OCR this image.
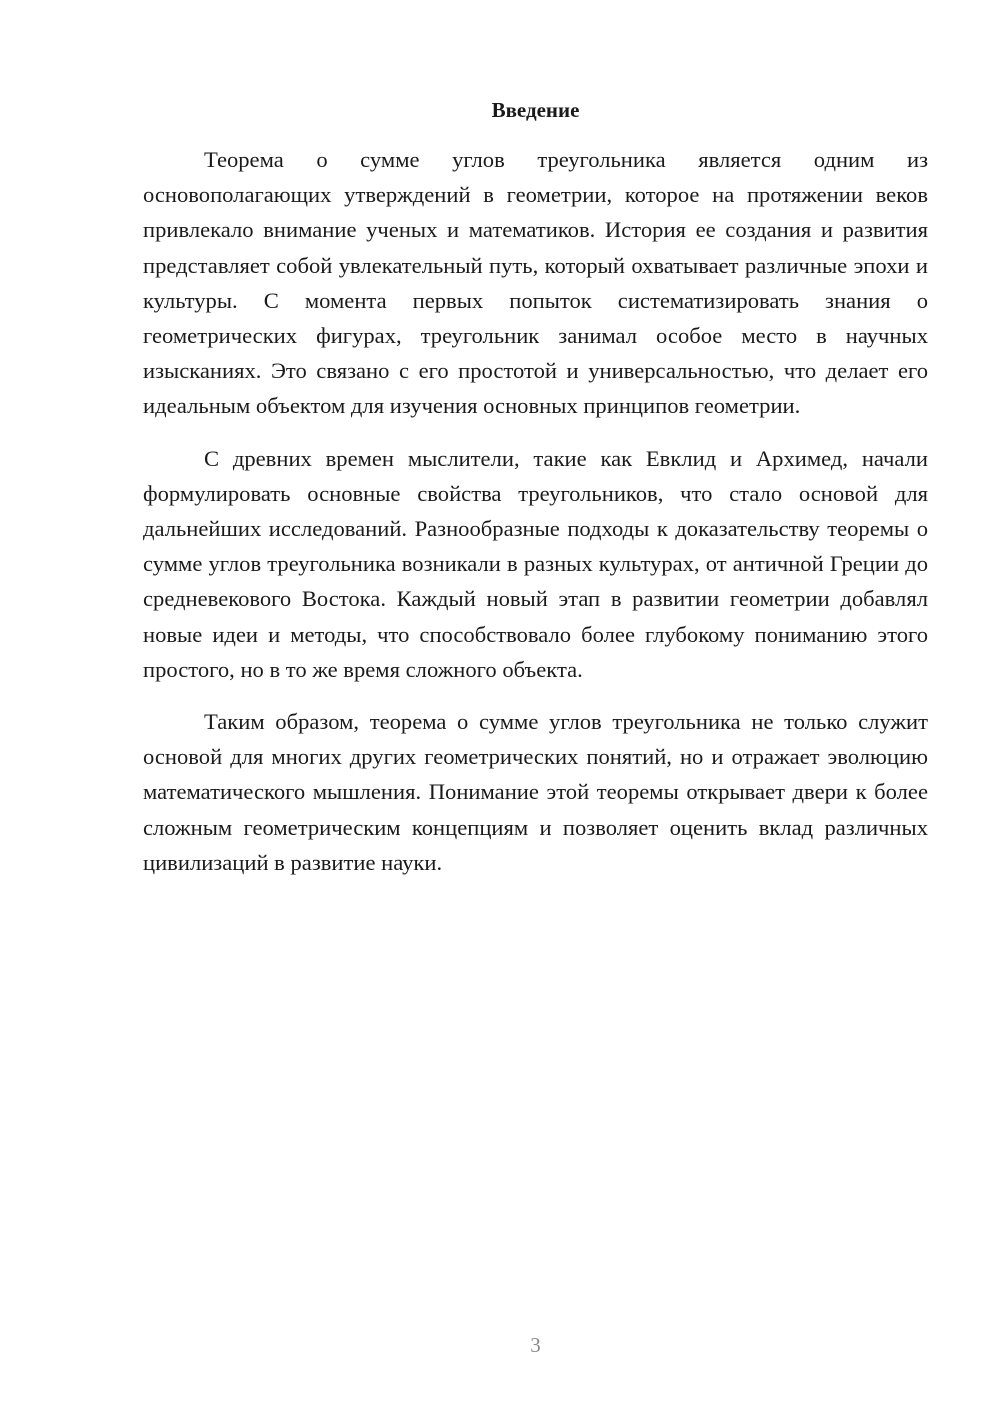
Введение

Теорема о сумме углов треугольника является одним из основополагающих утверждений в геометрии, которое на протяжении веков привлекало внимание ученых и математиков. История ее создания и развития представляет собой увлекательный путь, который охватывает различные эпохи и культуры. С момента первых попыток систематизировать знания о геометрических фигурах, треугольник занимал особое место в научных изысканиях. Это связано с его простотой и универсальностью, что делает его идеальным объектом для изучения основных принципов геометрии.

С древних времен мыслители, такие как Евклид и Архимед, начали формулировать основные свойства треугольников, что стало основой для дальнейших исследований. Разнообразные подходы к доказательству теоремы о сумме углов треугольника возникали в разных культурах, от античной Греции до средневекового Востока. Каждый новый этап в развитии геометрии добавлял новые идеи и методы, что способствовало более глубокому пониманию этого простого, но в то же время сложного объекта.

Таким образом, теорема о сумме углов треугольника не только служит основой для многих других геометрических понятий, но и отражает эволюцию математического мышления. Понимание этой теоремы открывает двери к более сложным геометрическим концепциям и позволяет оценить вклад различных цивилизаций в развитие науки.

3
